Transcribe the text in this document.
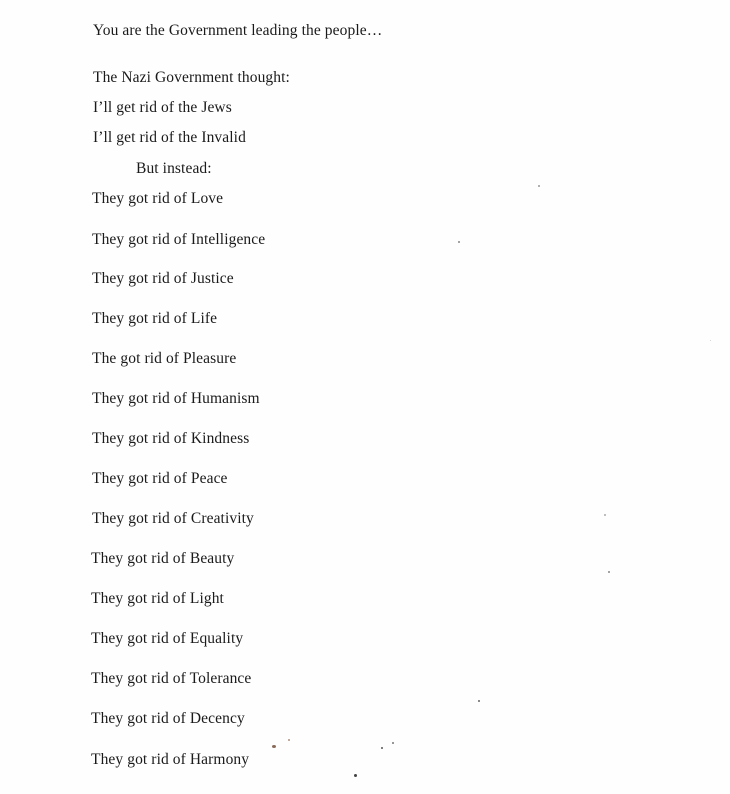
You are the Government leading the people…
The Nazi Government thought:
I’ll get rid of the Jews
I’ll get rid of the Invalid
But instead:
They got rid of Love
They got rid of Intelligence
They got rid of Justice
They got rid of Life
The got rid of Pleasure
They got rid of Humanism
They got rid of Kindness
They got rid of Peace
They got rid of Creativity
They got rid of Beauty
They got rid of Light
They got rid of Equality
They got rid of Tolerance
They got rid of Decency
They got rid of Harmony
